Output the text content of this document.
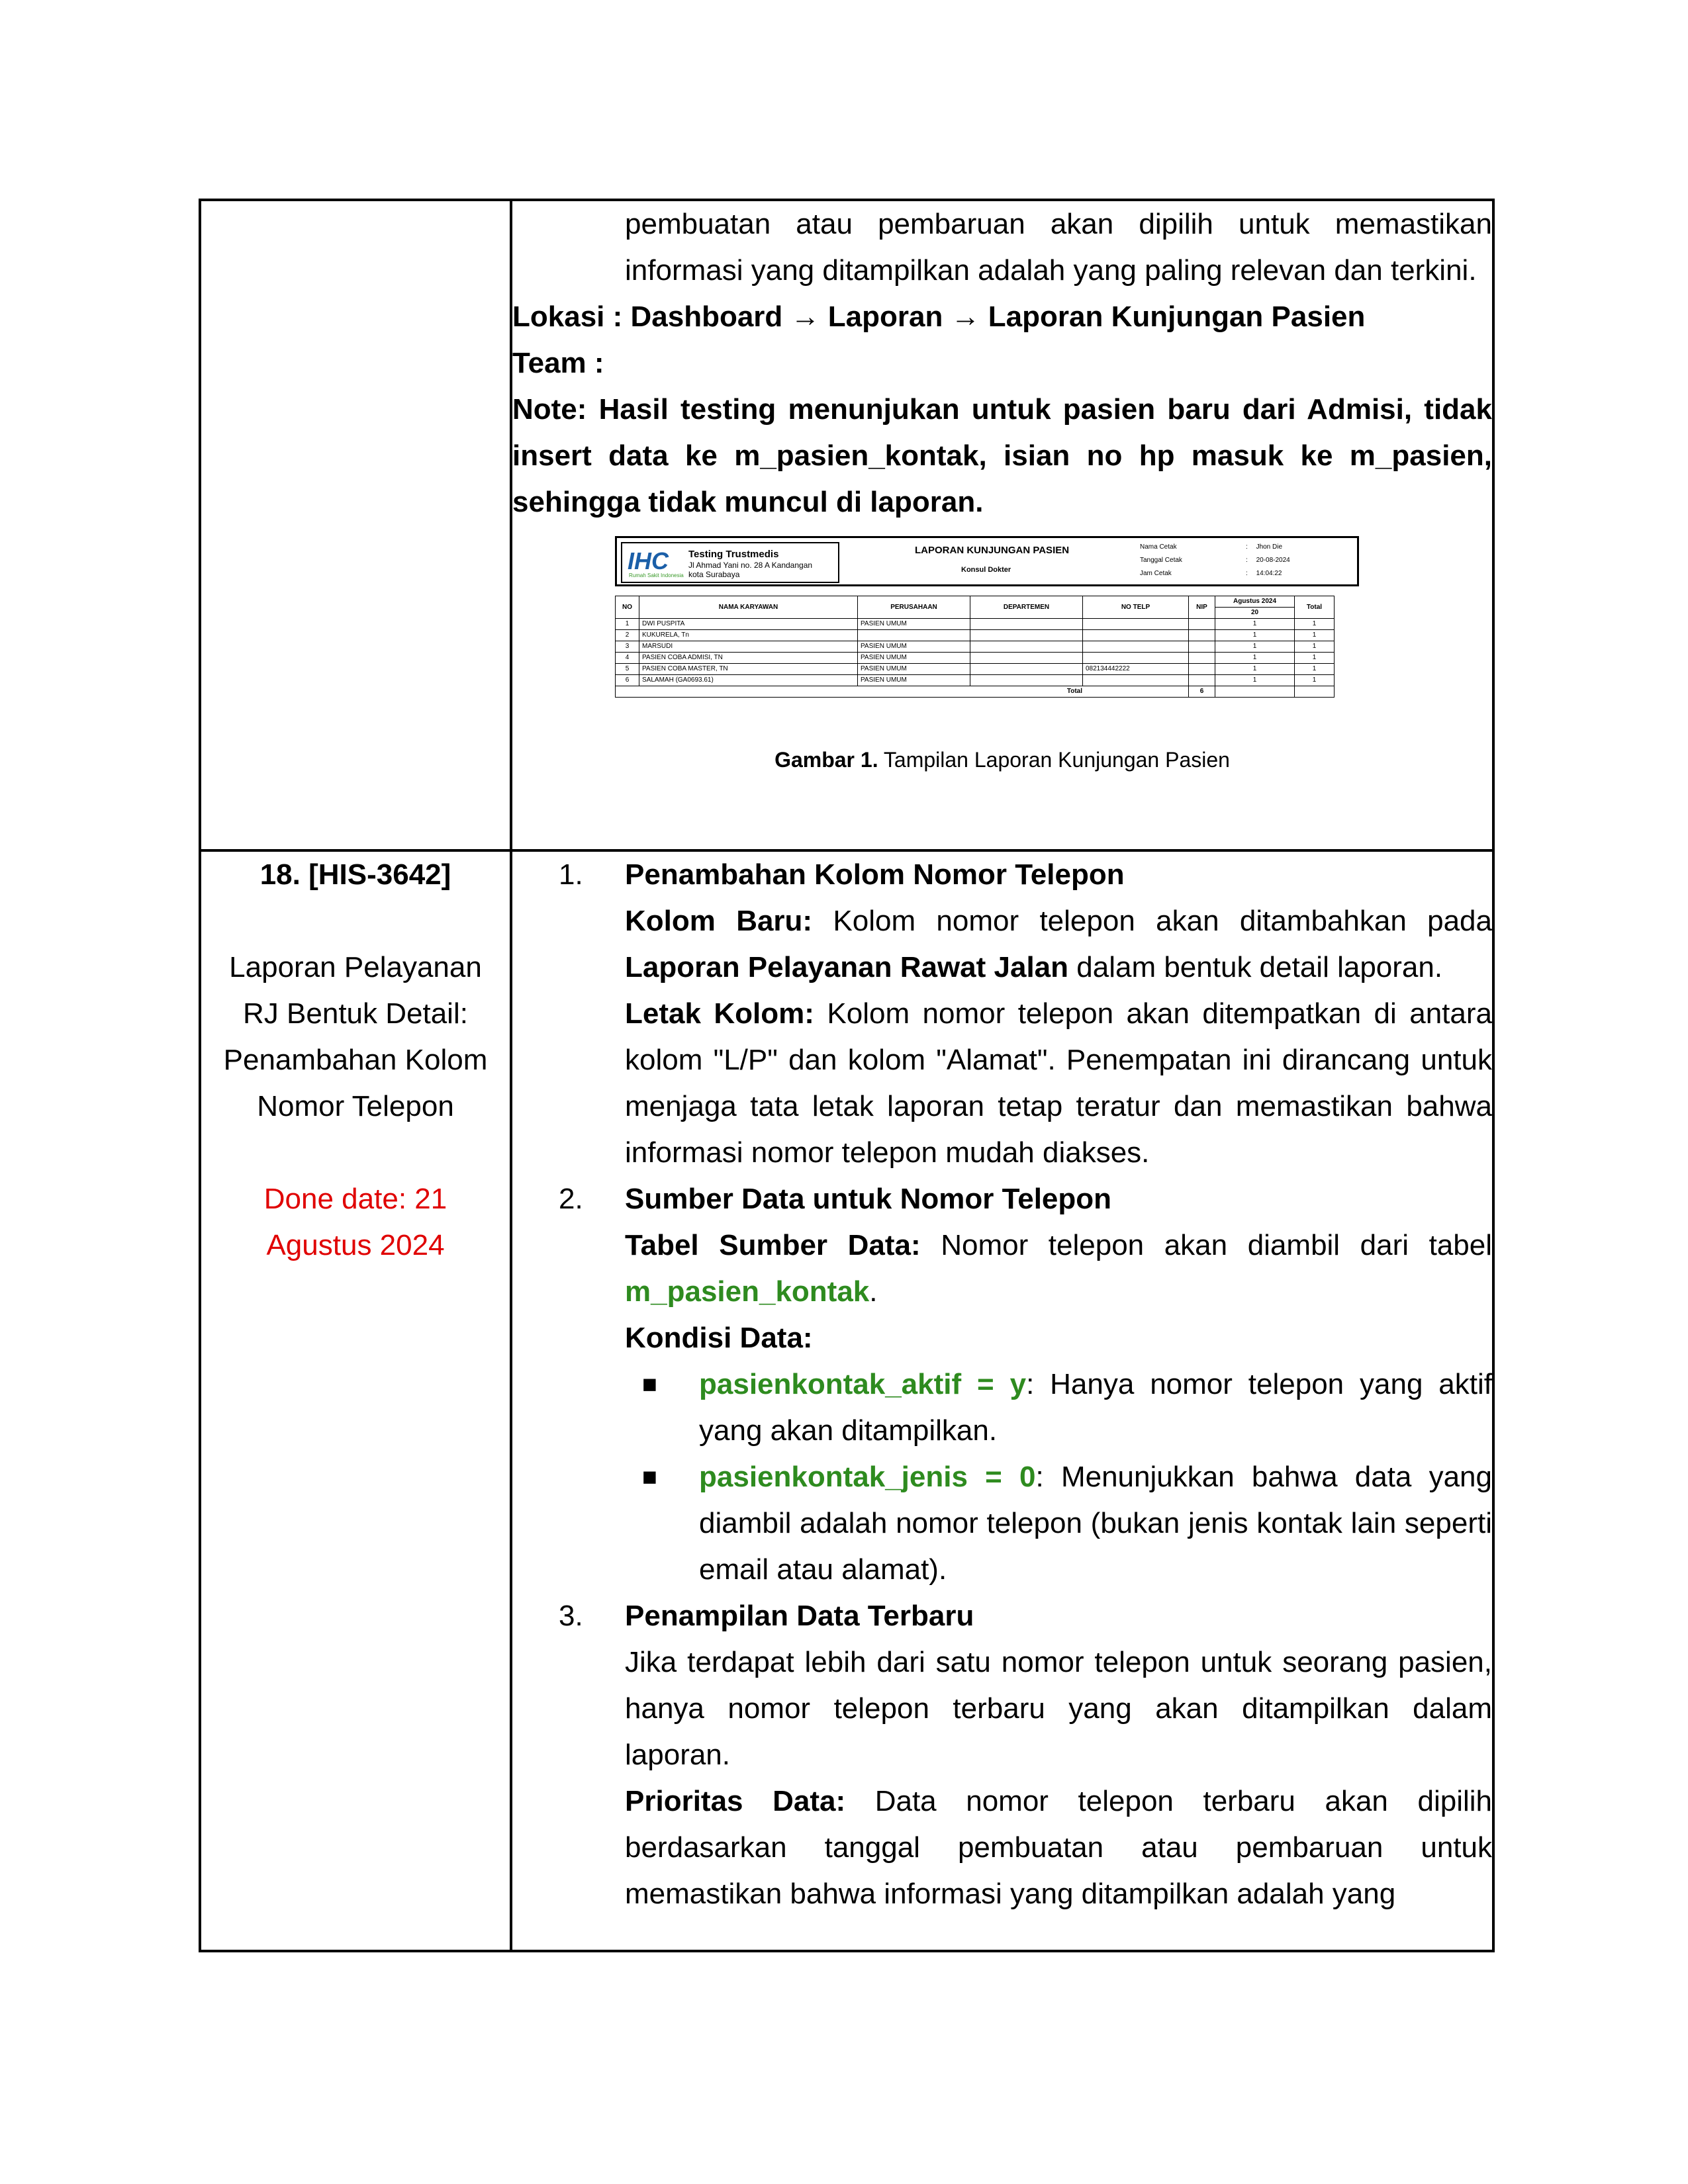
pembuatan atau pembaruan akan dipilih untuk memastikan informasi yang ditampilkan adalah yang paling relevan dan terkini.
Lokasi : Dashboard → Laporan → Laporan Kunjungan Pasien
Team :
Note: Hasil testing menunjukan untuk pasien baru dari Admisi, tidak insert data ke m_pasien_kontak, isian no hp masuk ke m_pasien, sehingga tidak muncul di laporan.
IHC
Rumah Sakit Indonesia
Testing Trustmedis
Jl Ahmad Yani no. 28 A Kandangan
kota Surabaya
LAPORAN KUNJUNGAN PASIEN
Konsul Dokter
Nama Cetak	: Jhon Die
Tanggal Cetak	: 20-08-2024
Jam Cetak	: 14:04:22
NO	NAMA KARYAWAN	PERUSAHAAN	DEPARTEMEN	NO TELP	NIP	Agustus 2024	Total
20
1	DWI PUSPITA	PASIEN UMUM				1	1
2	KUKURELA, Tn					1	1
3	MARSUDI	PASIEN UMUM				1	1
4	PASIEN COBA ADMISI, TN	PASIEN UMUM				1	1
5	PASIEN COBA MASTER, TN	PASIEN UMUM		082134442222		1	1
6	SALAMAH (GA0693.61)	PASIEN UMUM				1	1
Total	6		
Gambar 1. Tampilan Laporan Kunjungan Pasien

18. [HIS-3642]

Laporan Pelayanan

RJ Bentuk Detail:

Penambahan Kolom

Nomor Telepon

Done date: 21

Agustus 2024

1. Penambahan Kolom Nomor Telepon
Kolom Baru: Kolom nomor telepon akan ditambahkan pada Laporan Pelayanan Rawat Jalan dalam bentuk detail laporan.
Letak Kolom: Kolom nomor telepon akan ditempatkan di antara kolom "L/P" dan kolom "Alamat". Penempatan ini dirancang untuk menjaga tata letak laporan tetap teratur dan memastikan bahwa informasi nomor telepon mudah diakses.
2. Sumber Data untuk Nomor Telepon
Tabel Sumber Data: Nomor telepon akan diambil dari tabel m_pasien_kontak.
Kondisi Data:
■ pasienkontak_aktif = y: Hanya nomor telepon yang aktif yang akan ditampilkan.
■ pasienkontak_jenis = 0: Menunjukkan bahwa data yang diambil adalah nomor telepon (bukan jenis kontak lain seperti email atau alamat).
3. Penampilan Data Terbaru
Jika terdapat lebih dari satu nomor telepon untuk seorang pasien, hanya nomor telepon terbaru yang akan ditampilkan dalam laporan.
Prioritas Data: Data nomor telepon terbaru akan dipilih berdasarkan tanggal pembuatan atau pembaruan untuk memastikan bahwa informasi yang ditampilkan adalah yang
